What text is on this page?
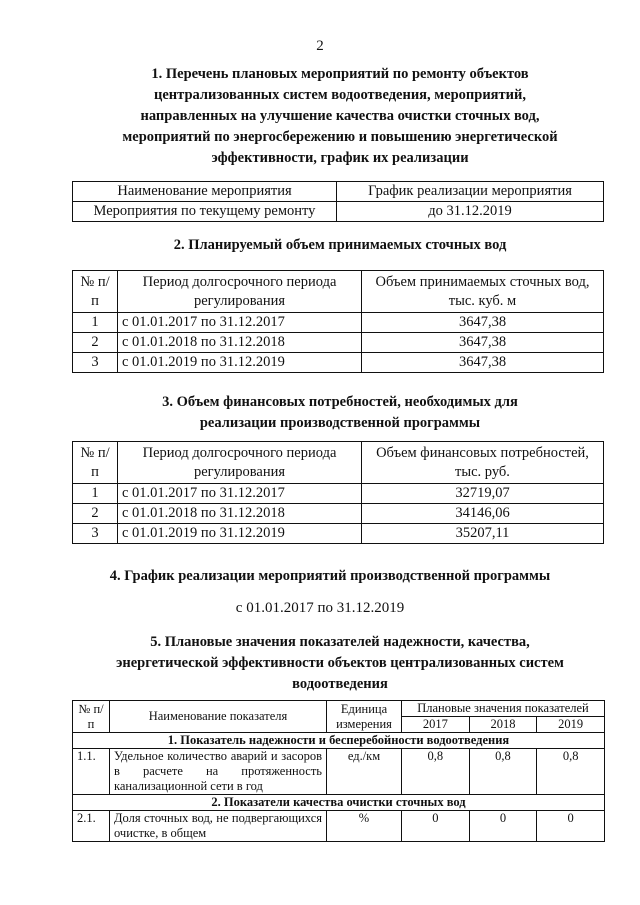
2
1. Перечень плановых мероприятий по ремонту объектов
централизованных систем водоотведения, мероприятий,
направленных на улучшение качества очистки сточных вод,
мероприятий по энергосбережению и повышению энергетической
эффективности, график их реализации
Наименование мероприятия	График реализации мероприятия
Мероприятия по текущему ремонту	до 31.12.2019
2. Планируемый объем принимаемых сточных вод
№ п/п	Период долгосрочного периода регулирования	Объем принимаемых сточных вод, тыс. куб. м
1	с 01.01.2017 по 31.12.2017	3647,38
2	с 01.01.2018 по 31.12.2018	3647,38
3	с 01.01.2019 по 31.12.2019	3647,38
3. Объем финансовых потребностей, необходимых для
реализации производственной программы
№ п/п	Период долгосрочного периода регулирования	Объем финансовых потребностей, тыс. руб.
1	с 01.01.2017 по 31.12.2017	32719,07
2	с 01.01.2018 по 31.12.2018	34146,06
3	с 01.01.2019 по 31.12.2019	35207,11
4. График реализации мероприятий производственной программы
с 01.01.2017 по 31.12.2019
5. Плановые значения показателей надежности, качества,
энергетической эффективности объектов централизованных систем
водоотведения
№ п/п	Наименование показателя	Единица измерения	Плановые значения показателей		
			2017	2018	2019
1. Показатель надежности и бесперебойности водоотведения					
1.1.	Удельное количество аварий и засоров в расчете на протяженность канализационной сети в год	ед./км	0,8	0,8	0,8
2. Показатели качества очистки сточных вод					
2.1.	Доля сточных вод, не подвергающихся очистке, в общем	%	0	0	0
